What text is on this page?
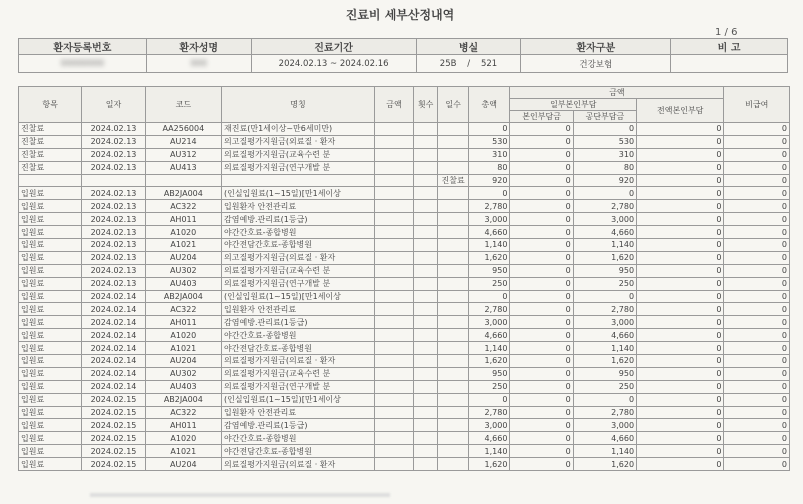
진료비 세부산정내역
1 / 6
환자등록번호	환자성명	진료기간	병실	환자구분	비 고
00000000	000	2024.02.13 ~ 2024.02.16	25B / 521	건강보험	
항목	일자	코드	명칭	금액	횟수	일수	총액	금액			비급여
								일부본인부담		전액본인부담	
								본인부담금	공단부담금		
진찰료	2024.02.13	AA256004	재진료(만1세이상~만6세미만)				0	0	0	0	0
진찰료	2024.02.13	AU214	의고질평가지원금(외료질 · 환자				530	0	530	0	0
진찰료	2024.02.13	AU312	의료질평가지원금(교육수련 분				310	0	310	0	0
진찰료	2024.02.13	AU413	의료질평가지원금(연구개발 분				80	0	80	0	0
						진찰료	920	0	920	0	0
입원료	2024.02.13	AB2JA004	(인실입원료(1~15일)[만1세이상				0	0	0	0	0
입원료	2024.02.13	AC322	입원환자 안전관리료				2,780	0	2,780	0	0
입원료	2024.02.13	AH011	감염예방.관리료(1등급)				3,000	0	3,000	0	0
입원료	2024.02.13	A1020	야간간호료-종합병원				4,660	0	4,660	0	0
입원료	2024.02.13	A1021	야간전담간호료-종합병원				1,140	0	1,140	0	0
입원료	2024.02.13	AU204	의고질평가지원금(의료질 · 환자				1,620	0	1,620	0	0
입원료	2024.02.13	AU302	의료질평가지원금(교육수련 분				950	0	950	0	0
입원료	2024.02.13	AU403	의료질평가지원금(연구개발 분				250	0	250	0	0
입원료	2024.02.14	AB2JA004	(인실입원료(1~15일)[만1세이상				0	0	0	0	0
입원료	2024.02.14	AC322	입원환자 안전관리료				2,780	0	2,780	0	0
입원료	2024.02.14	AH011	감염예방.관리료(1등급)				3,000	0	3,000	0	0
입원료	2024.02.14	A1020	야간간호료-종합병원				4,660	0	4,660	0	0
입원료	2024.02.14	A1021	야간전담간호료-종합병원				1,140	0	1,140	0	0
입원료	2024.02.14	AU204	의료질평가지원금(의료질 · 환자				1,620	0	1,620	0	0
입원료	2024.02.14	AU302	의료질평가지원금(교육수련 분				950	0	950	0	0
입원료	2024.02.14	AU403	의료질평가지원금(연구개발 분				250	0	250	0	0
입원료	2024.02.15	AB2JA004	(인실입원료(1~15일)[만1세이상				0	0	0	0	0
입원료	2024.02.15	AC322	입원환자 안전관리료				2,780	0	2,780	0	0
입원료	2024.02.15	AH011	감염예방.관리료(1등급)				3,000	0	3,000	0	0
입원료	2024.02.15	A1020	야간간호료-종합병원				4,660	0	4,660	0	0
입원료	2024.02.15	A1021	야간전담간호료-종합병원				1,140	0	1,140	0	0
입원료	2024.02.15	AU204	의료질평가지원금(의료질 · 환자				1,620	0	1,620	0	0
